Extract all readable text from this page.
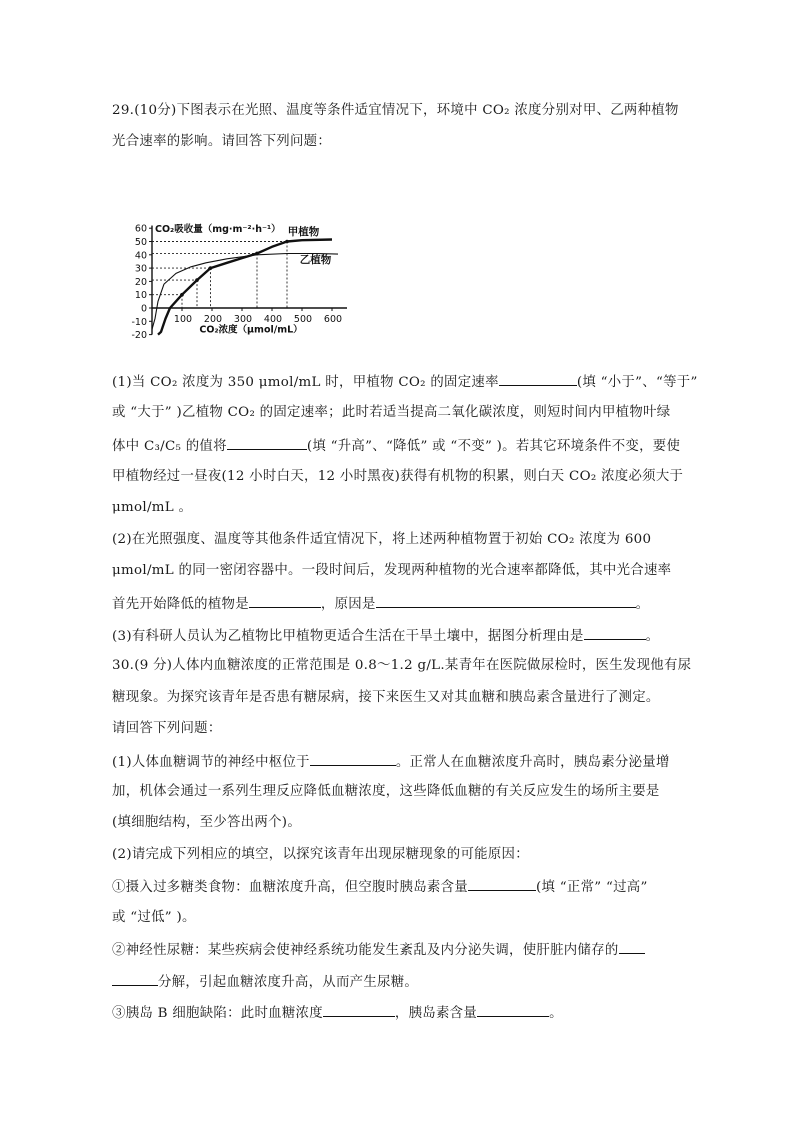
29.(10分)下图表示在光照、温度等条件适宜情况下，环境中 CO₂ 浓度分别对甲、乙两种植物
光合速率的影响。请回答下列问题：
60
50
40
30
20
10
0
-10
-20
100 200 300 400 500 600
甲植物
乙植物
CO₂吸收量（mg·m⁻²·h⁻¹）
CO₂浓度（μmol/mL）
(1)当 CO₂ 浓度为 350 μmol/mL 时，甲植物 CO₂ 的固定速率	(填 “小于”、“等于”
或 “大于” )乙植物 CO₂ 的固定速率；此时若适当提高二氧化碳浓度，则短时间内甲植物叶绿
体中 C₃/C₅ 的值将	(填 “升高”、“降低” 或 “不变” )。若其它环境条件不变，要使
甲植物经过一昼夜(12 小时白天，12 小时黑夜)获得有机物的积累，则白天 CO₂ 浓度必须大于
μmol/mL 。
(2)在光照强度、温度等其他条件适宜情况下，将上述两种植物置于初始 CO₂ 浓度为 600
μmol/mL 的同一密闭容器中。一段时间后，发现两种植物的光合速率都降低，其中光合速率
首先开始降低的植物是	，原因是	。
(3)有科研人员认为乙植物比甲植物更适合生活在干旱土壤中，据图分析理由是	。
30.(9 分)人体内血糖浓度的正常范围是 0.8～1.2 g/L.某青年在医院做尿检时，医生发现他有尿
糖现象。为探究该青年是否患有糖尿病，接下来医生又对其血糖和胰岛素含量进行了测定。
请回答下列问题：
(1)人体血糖调节的神经中枢位于	。正常人在血糖浓度升高时，胰岛素分泌量增
加，机体会通过一系列生理反应降低血糖浓度，这些降低血糖的有关反应发生的场所主要是
(填细胞结构，至少答出两个)。
(2)请完成下列相应的填空，以探究该青年出现尿糖现象的可能原因：
①摄入过多糖类食物：血糖浓度升高，但空腹时胰岛素含量	(填 “正常” “过高”
或 “过低” )。
②神经性尿糖：某些疾病会使神经系统功能发生紊乱及内分泌失调，使肝脏内储存的
分解，引起血糖浓度升高，从而产生尿糖。
③胰岛 B 细胞缺陷：此时血糖浓度	，胰岛素含量	。
